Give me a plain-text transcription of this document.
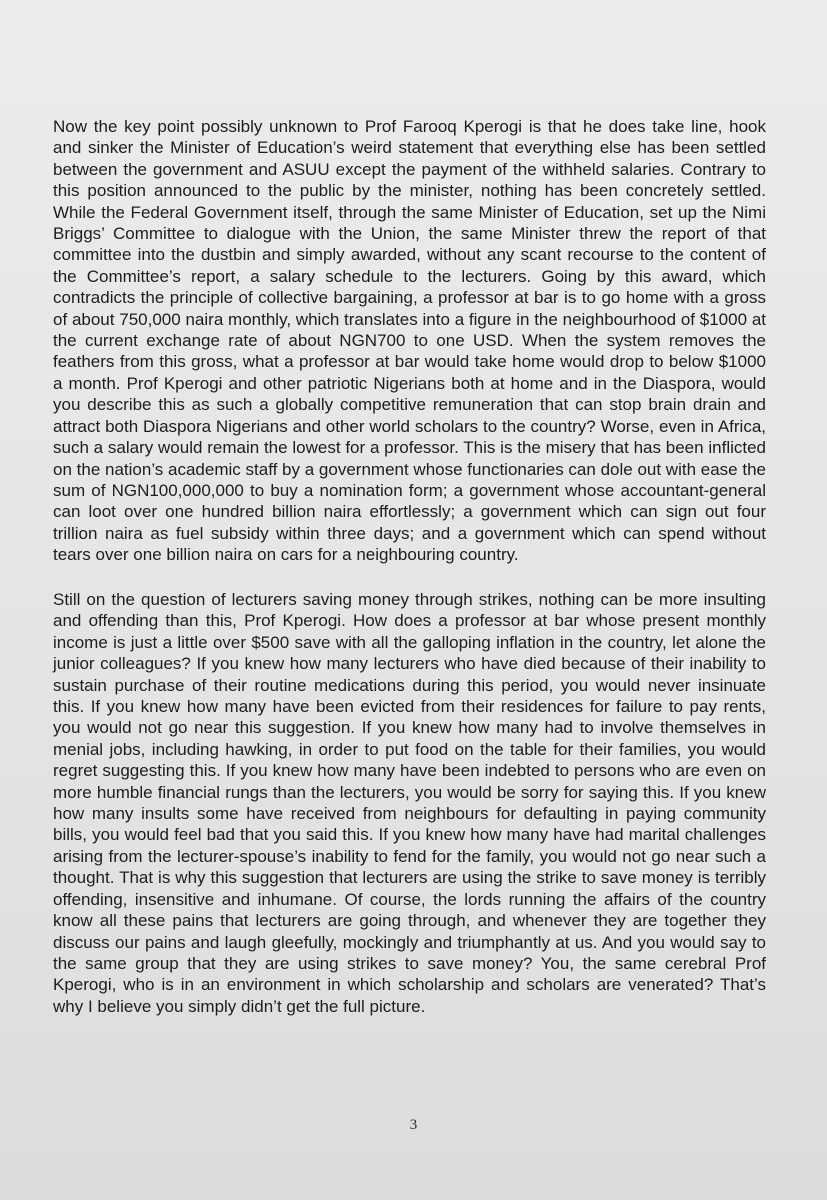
Now the key point possibly unknown to Prof Farooq Kperogi is that he does take line, hook and sinker the Minister of Education’s weird statement that everything else has been settled between the government and ASUU except the payment of the withheld salaries. Contrary to this position announced to the public by the minister, nothing has been concretely settled. While the Federal Government itself, through the same Minister of Education, set up the Nimi Briggs’ Committee to dialogue with the Union, the same Minister threw the report of that committee into the dustbin and simply awarded, without any scant recourse to the content of the Committee’s report, a salary schedule to the lecturers. Going by this award, which contradicts the principle of collective bargaining, a professor at bar is to go home with a gross of about 750,000 naira monthly, which translates into a figure in the neighbourhood of $1000 at the current exchange rate of about NGN700 to one USD. When the system removes the feathers from this gross, what a professor at bar would take home would drop to below $1000 a month. Prof Kperogi and other patriotic Nigerians both at home and in the Diaspora, would you describe this as such a globally competitive remuneration that can stop brain drain and attract both Diaspora Nigerians and other world scholars to the country? Worse, even in Africa, such a salary would remain the lowest for a professor. This is the misery that has been inflicted on the nation’s academic staff by a government whose functionaries can dole out with ease the sum of NGN100,000,000 to buy a nomination form; a government whose accountant-general can loot over one hundred billion naira effortlessly; a government which can sign out four trillion naira as fuel subsidy within three days; and a government which can spend without tears over one billion naira on cars for a neighbouring country.

Still on the question of lecturers saving money through strikes, nothing can be more insulting and offending than this, Prof Kperogi. How does a professor at bar whose present monthly income is just a little over $500 save with all the galloping inflation in the country, let alone the junior colleagues? If you knew how many lecturers who have died because of their inability to sustain purchase of their routine medications during this period, you would never insinuate this. If you knew how many have been evicted from their residences for failure to pay rents, you would not go near this suggestion. If you knew how many had to involve themselves in menial jobs, including hawking, in order to put food on the table for their families, you would regret suggesting this. If you knew how many have been indebted to persons who are even on more humble financial rungs than the lecturers, you would be sorry for saying this. If you knew how many insults some have received from neighbours for defaulting in paying community bills, you would feel bad that you said this. If you knew how many have had marital challenges arising from the lecturer-spouse’s inability to fend for the family, you would not go near such a thought. That is why this suggestion that lecturers are using the strike to save money is terribly offending, insensitive and inhumane. Of course, the lords running the affairs of the country know all these pains that lecturers are going through, and whenever they are together they discuss our pains and laugh gleefully, mockingly and triumphantly at us. And you would say to the same group that they are using strikes to save money? You, the same cerebral Prof Kperogi, who is in an environment in which scholarship and scholars are venerated? That’s why I believe you simply didn’t get the full picture.

3
